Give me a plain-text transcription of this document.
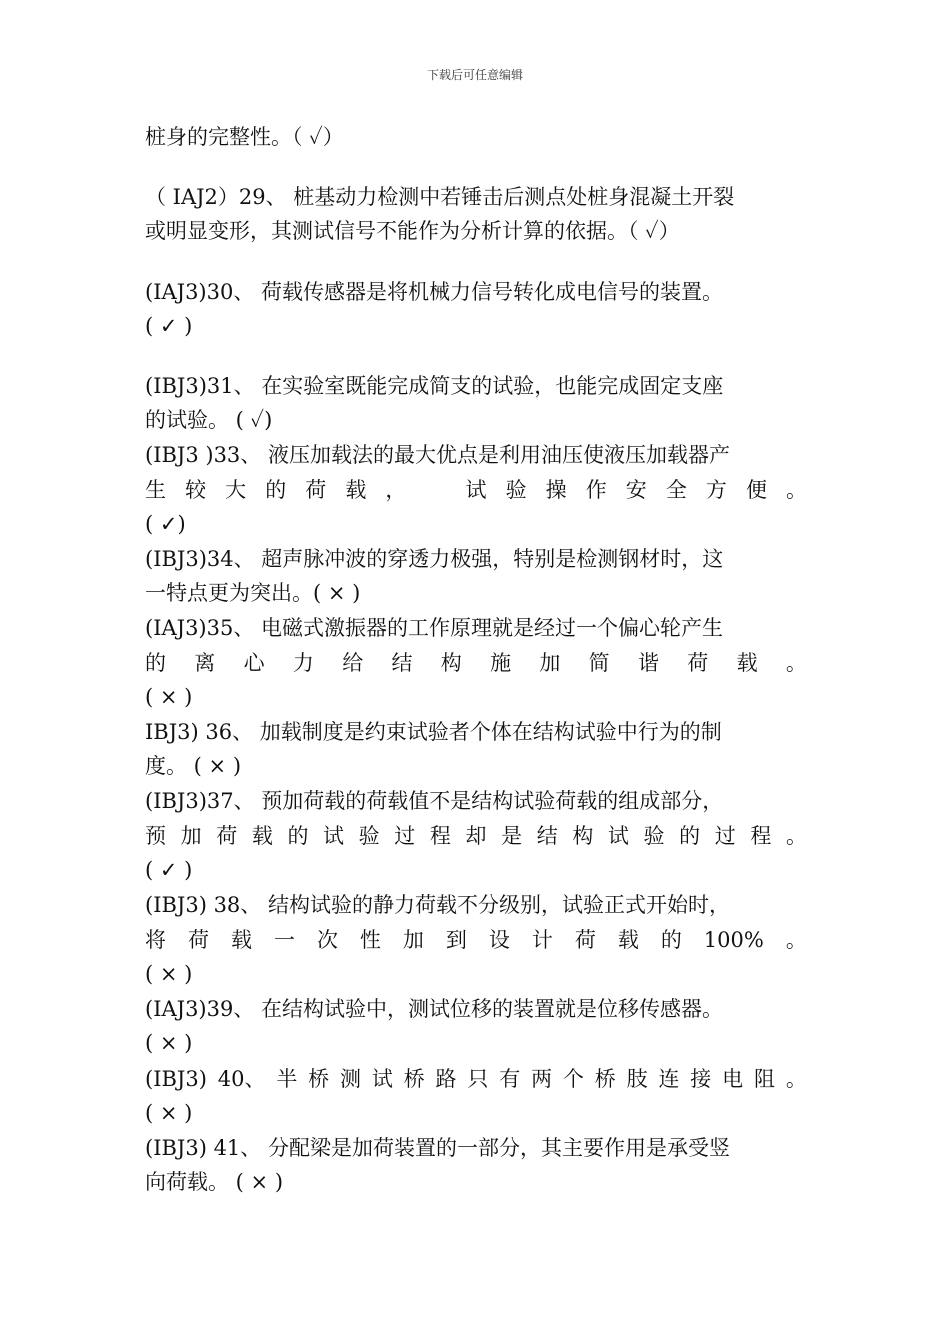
下载后可任意编辑
桩身的完整性。（ ✓）
（ ⅠAJ2）29、 桩基动力检测中若锤击后测点处桩身混凝土开裂
或明显变形，其测试信号不能作为分析计算的依据。（ ✓）
(ⅠAJ3)30、 荷载传感器是将机械力信号转化成电信号的装置。
( ✓ )
(ⅠBJ3)31、 在实验室既能完成简支的试验，也能完成固定支座
的试验。 ( ✓)
(ⅠBJ3 )33、 液压加载法的最大优点是利用油压使液压加载器产
生 较 大 的 荷 载 ，
　	试 验 操 作 安 全 方 便 。
( ✓)
(ⅠBJ3)34、 超声脉冲波的穿透力极强，特别是检测钢材时，这
一特点更为突出。( × )
(ⅠAJ3)35、 电磁式激振器的工作原理就是经过一个偏心轮产生
的 离 心 力 给 结 构 施 加 简 谐 荷 载 。
( × )
ⅠBJ3) 36、 加载制度是约束试验者个体在结构试验中行为的制
度。 ( × )
(ⅠBJ3)37、 预加荷载的荷载值不是结构试验荷载的组成部分，
预 加 荷 载 的 试 验 过 程 却 是 结 构 试 验 的 过 程 。
( ✓ )
(ⅠBJ3) 38、 结构试验的静力荷载不分级别，试验正式开始时，
将 荷 载 一 次 性 加 到 设 计 荷 载 的 100% 。
( × )
(ⅠAJ3)39、 在结构试验中，测试位移的装置就是位移传感器。
( × )
(ⅠBJ3) 40、 半 桥 测 试 桥 路 只 有 两 个 桥 肢 连 接 电 阻 。
( × )
(ⅠBJ3) 41、 分配梁是加荷装置的一部分，其主要作用是承受竖
向荷载。 ( × )
